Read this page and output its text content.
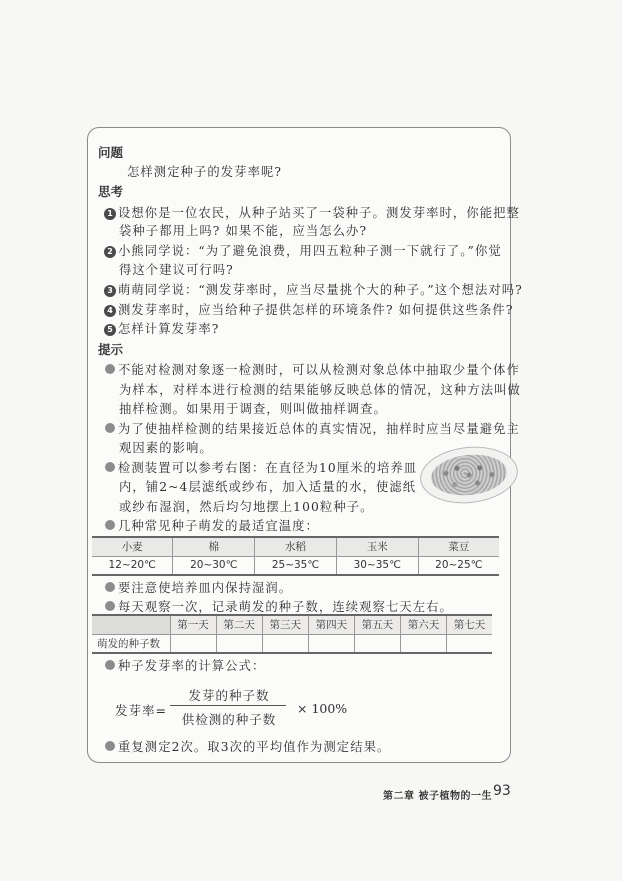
问题
怎样测定种子的发芽率呢?
思考
1 设想你是一位农民，从种子站买了一袋种子。测发芽率时，你能把整
袋种子都用上吗? 如果不能，应当怎么办?
2 小熊同学说：“为了避免浪费，用四五粒种子测一下就行了。”你觉
得这个建议可行吗?
3 萌萌同学说：“测发芽率时，应当尽量挑个大的种子。”这个想法对吗?
4 测发芽率时，应当给种子提供怎样的环境条件? 如何提供这些条件?
5 怎样计算发芽率?
提示
不能对检测对象逐一检测时，可以从检测对象总体中抽取少量个体作
为样本，对样本进行检测的结果能够反映总体的情况，这种方法叫做
抽样检测。如果用于调查，则叫做抽样调查。
为了使抽样检测的结果接近总体的真实情况，抽样时应当尽量避免主
观因素的影响。
检测装置可以参考右图：在直径为10厘米的培养皿
内，铺2~4层滤纸或纱布，加入适量的水，使滤纸
或纱布湿润，然后均匀地摆上100粒种子。
几种常见种子萌发的最适宜温度：
小麦	棉	水稻	玉米	菜豆
12~20℃	20~30℃	25~35℃	30~35℃	20~25℃
要注意使培养皿内保持湿润。
每天观察一次，记录萌发的种子数，连续观察七天左右。
	第一天	第二天	第三天	第四天	第五天	第六天	第七天
萌发的种子数							
种子发芽率的计算公式：
发芽率=
发芽的种子数
供检测的种子数
× 100%
重复测定2次。取3次的平均值作为测定结果。
第二章 被子植物的一生 93
